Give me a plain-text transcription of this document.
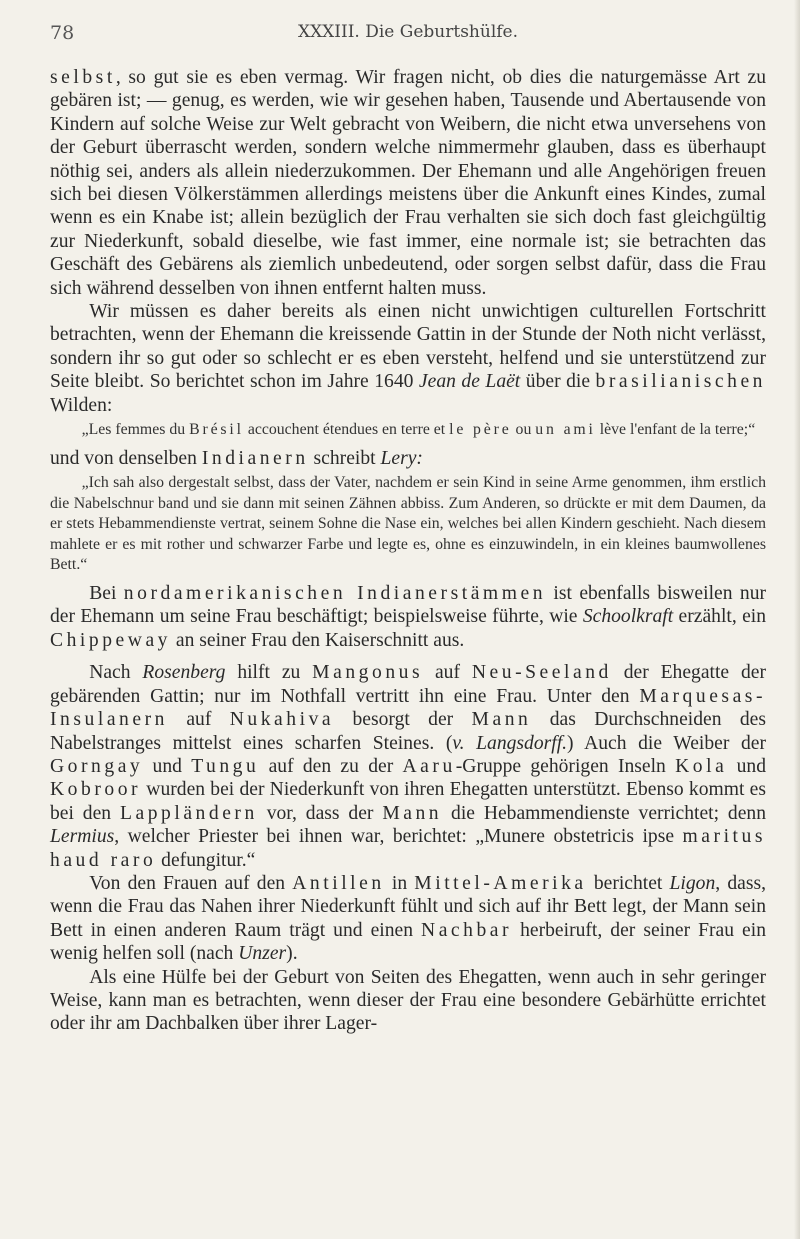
78	XXXIII. Die Geburtshülfe.

selbst, so gut sie es eben vermag. Wir fragen nicht, ob dies die naturgemässe Art zu gebären ist; — genug, es werden, wie wir gesehen haben, Tausende und Abertausende von Kindern auf solche Weise zur Welt gebracht von Weibern, die nicht etwa unversehens von der Geburt überrascht werden, sondern welche nimmermehr glauben, dass es überhaupt nöthig sei, anders als allein niederzukommen. Der Ehemann und alle Angehörigen freuen sich bei diesen Völkerstämmen allerdings meistens über die Ankunft eines Kindes, zumal wenn es ein Knabe ist; allein bezüglich der Frau verhalten sie sich doch fast gleichgültig zur Niederkunft, sobald dieselbe, wie fast immer, eine normale ist; sie betrachten das Geschäft des Gebärens als ziemlich unbedeutend, oder sorgen selbst dafür, dass die Frau sich während desselben von ihnen entfernt halten muss.

Wir müssen es daher bereits als einen nicht unwichtigen culturellen Fortschritt betrachten, wenn der Ehemann die kreissende Gattin in der Stunde der Noth nicht verlässt, sondern ihr so gut oder so schlecht er es eben versteht, helfend und sie unterstützend zur Seite bleibt. So berichtet schon im Jahre 1640 Jean de Laët über die brasilianischen Wilden:

„Les femmes du Brésil accouchent étendues en terre et le père ou un ami lève l'enfant de la terre;“

und von denselben Indianern schreibt Lery:

„Ich sah also dergestalt selbst, dass der Vater, nachdem er sein Kind in seine Arme genommen, ihm erstlich die Nabelschnur band und sie dann mit seinen Zähnen abbiss. Zum Anderen, so drückte er mit dem Daumen, da er stets Hebammendienste vertrat, seinem Sohne die Nase ein, welches bei allen Kindern geschieht. Nach diesem mahlete er es mit rother und schwarzer Farbe und legte es, ohne es einzuwindeln, in ein kleines baumwollenes Bett.“

Bei nordamerikanischen Indianerstämmen ist ebenfalls bisweilen nur der Ehemann um seine Frau beschäftigt; beispielsweise führte, wie Schoolkraft erzählt, ein Chippeway an seiner Frau den Kaiserschnitt aus.

Nach Rosenberg hilft zu Mangonus auf Neu-Seeland der Ehegatte der gebärenden Gattin; nur im Nothfall vertritt ihn eine Frau. Unter den Marquesas-Insulanern auf Nukahiva besorgt der Mann das Durchschneiden des Nabelstranges mittelst eines scharfen Steines. (v. Langsdorff.) Auch die Weiber der Gorngay und Tungu auf den zu der Aaru-Gruppe gehörigen Inseln Kola und Kobroor wurden bei der Niederkunft von ihren Ehegatten unterstützt. Ebenso kommt es bei den Lappländern vor, dass der Mann die Hebammendienste verrichtet; denn Lermius, welcher Priester bei ihnen war, berichtet: „Munere obstetricis ipse maritus haud raro defungitur.“

Von den Frauen auf den Antillen in Mittel-Amerika berichtet Ligon, dass, wenn die Frau das Nahen ihrer Niederkunft fühlt und sich auf ihr Bett legt, der Mann sein Bett in einen anderen Raum trägt und einen Nachbar herbeiruft, der seiner Frau ein wenig helfen soll (nach Unzer).

Als eine Hülfe bei der Geburt von Seiten des Ehegatten, wenn auch in sehr geringer Weise, kann man es betrachten, wenn dieser der Frau eine besondere Gebärhütte errichtet oder ihr am Dachbalken über ihrer Lager-
